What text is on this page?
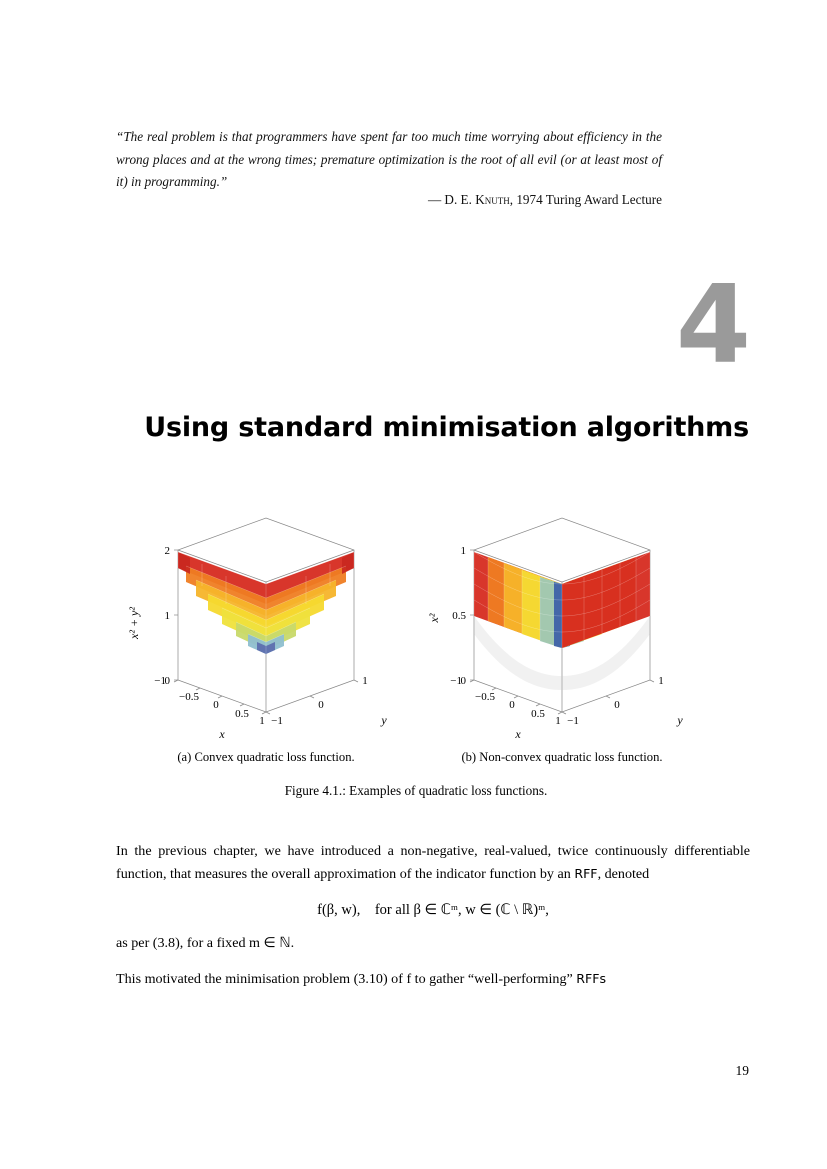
“The real problem is that programmers have spent far too much time worrying about efficiency in the wrong places and at the wrong times; premature optimization is the root of all evil (or at least most of it) in programming.”
— D. E. Knuth, 1974 Turing Award Lecture
4
Using standard minimisation algorithms
−1
−0.5
0
0.5
1 −1
0
1
0
1
2
x
y
x² + y²
−1
−0.5
0
0.5
1 −1
0
1
0
0.5
1
x
y
x²
(a) Convex quadratic loss function.	(b) Non-convex quadratic loss function.
Figure 4.1.: Examples of quadratic loss functions.

In the previous chapter, we have introduced a non-negative, real-valued, twice continuously differentiable function, that measures the overall approximation of the indicator function by an RFF, denoted

f(β, w), for all β ∈ ℂᵐ, w ∈ (ℂ \ ℝ)ᵐ,

as per (3.8), for a fixed m ∈ ℕ.

This motivated the minimisation problem (3.10) of f to gather “well-performing” RFFs

19
